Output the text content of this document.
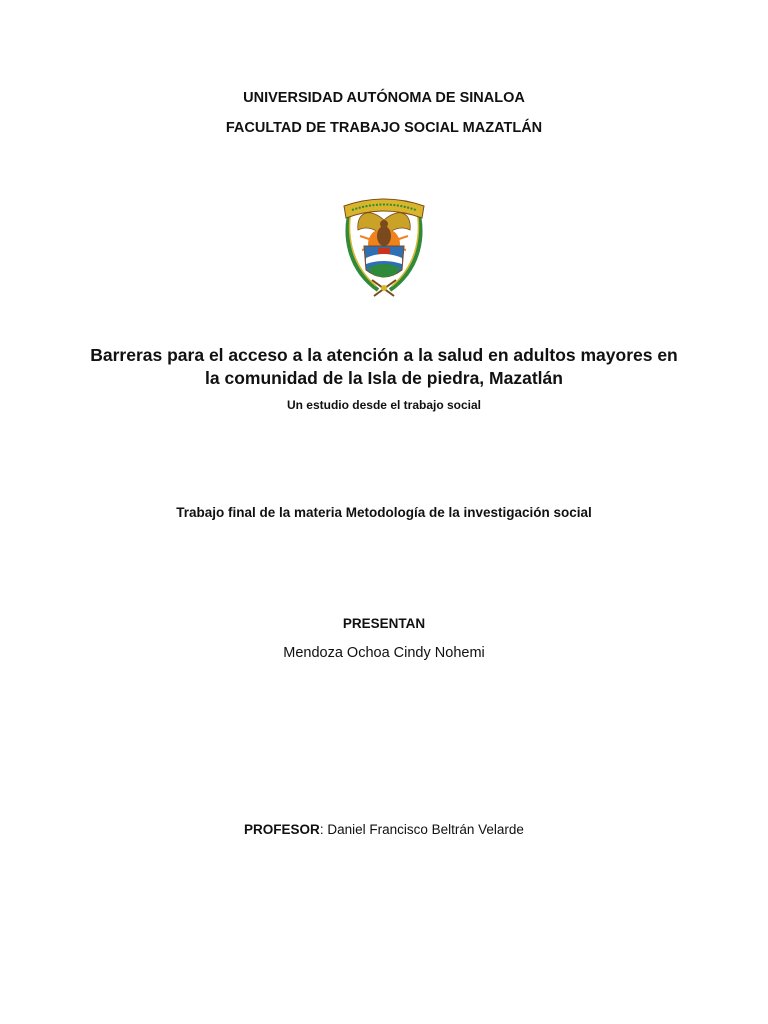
UNIVERSIDAD AUTÓNOMA DE SINALOA
FACULTAD DE TRABAJO SOCIAL MAZATLÁN
Barreras para el acceso a la atención a la salud en adultos mayores en la comunidad de la Isla de piedra, Mazatlán
Un estudio desde el trabajo social
Trabajo final de la materia Metodología de la investigación social
PRESENTAN
Mendoza Ochoa Cindy Nohemi
PROFESOR: Daniel Francisco Beltrán Velarde
